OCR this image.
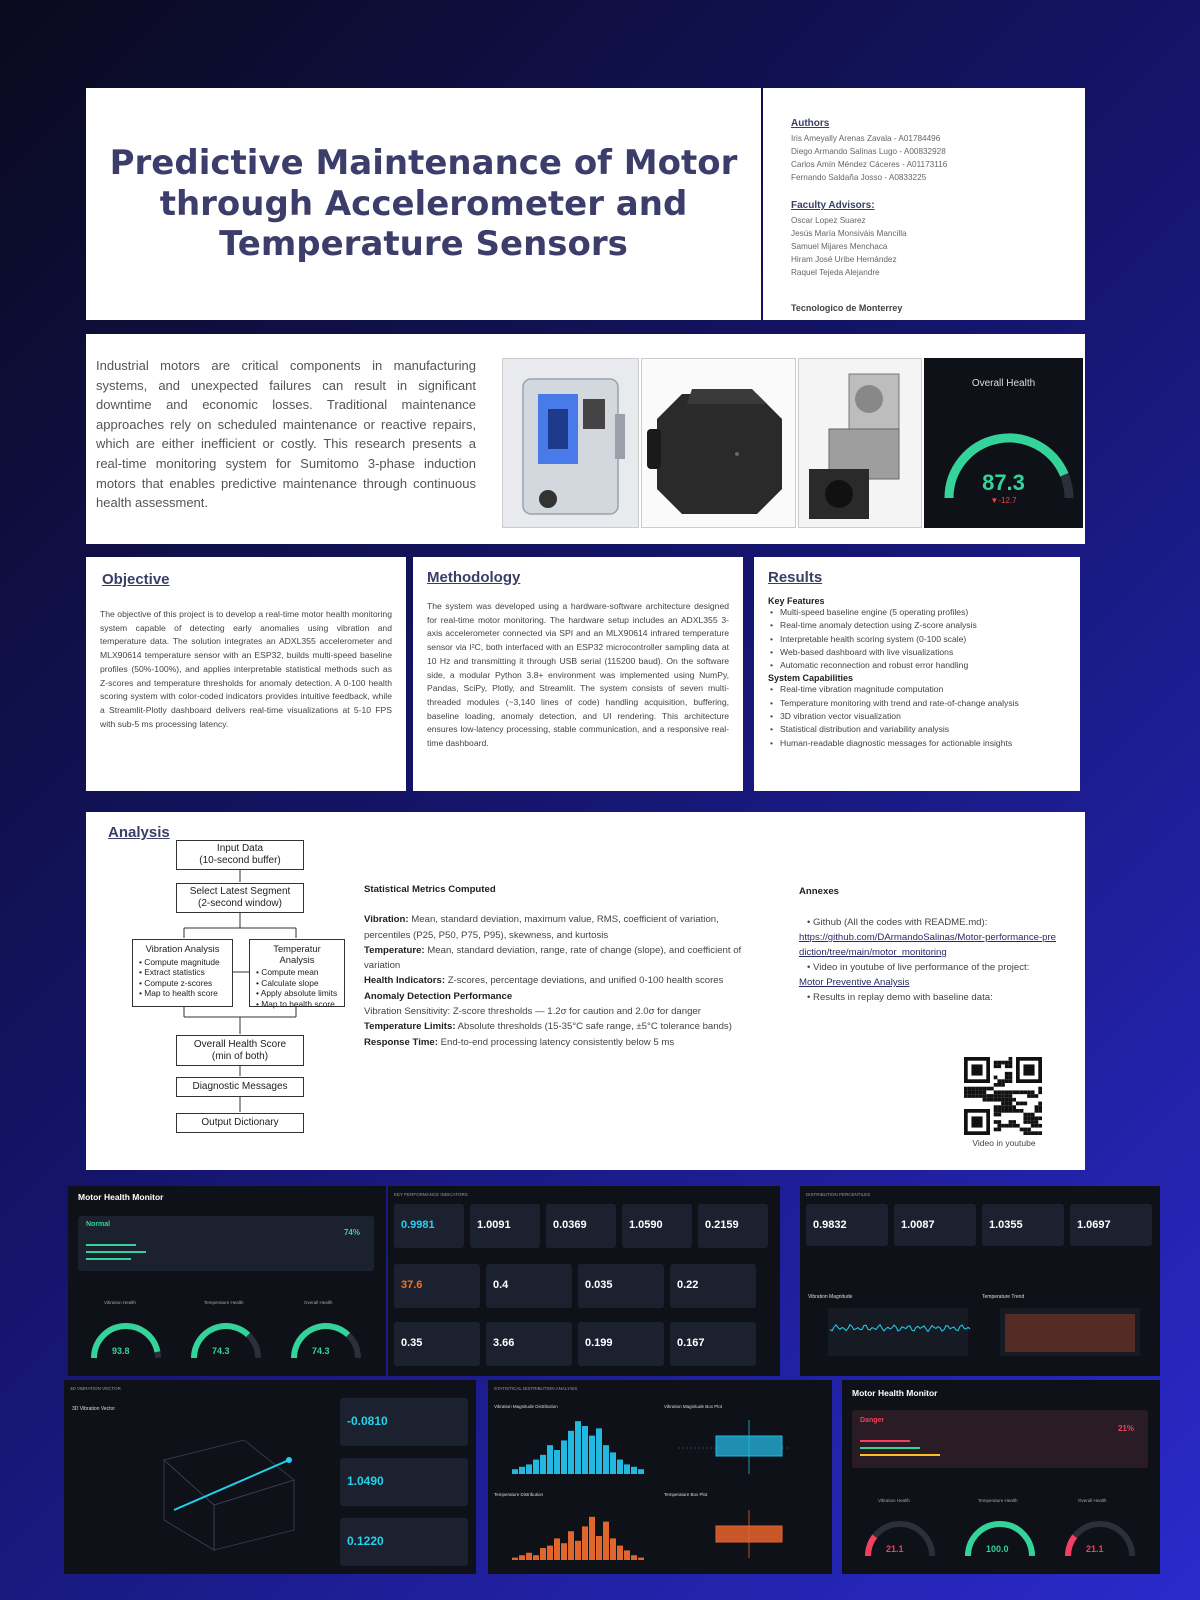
Predictive Maintenance of Motor through Accelerometer and Temperature Sensors
Authors
Iris Ameyally Arenas Zavala - A01784496
Diego Armando Salinas Lugo - A00832928
Carlos Amín Méndez Cáceres - A01173116
Fernando Saldaña Josso - A0833225
Faculty Advisors:
Oscar Lopez Suarez
Jesús María Monsiváis Mancilla
Samuel Mijares Menchaca
Hiram José Uribe Hernández
Raquel Tejeda Alejandre
Tecnologico de Monterrey

Industrial motors are critical components in manufacturing systems, and unexpected failures can result in significant downtime and economic losses. Traditional maintenance approaches rely on scheduled maintenance or reactive repairs, which are either inefficient or costly. This research presents a real-time monitoring system for Sumitomo 3-phase induction motors that enables predictive maintenance through continuous health assessment.

Overall Health
87.3
▼-12.7
Objective

The objective of this project is to develop a real-time motor health monitoring system capable of detecting early anomalies using vibration and temperature data. The solution integrates an ADXL355 accelerometer and MLX90614 temperature sensor with an ESP32, builds multi-speed baseline profiles (50%-100%), and applies interpretable statistical methods such as Z-scores and temperature thresholds for anomaly detection. A 0-100 health scoring system with color-coded indicators provides intuitive feedback, while a Streamlit-Plotly dashboard delivers real-time visualizations at 5-10 FPS with sub-5 ms processing latency.

Methodology

The system was developed using a hardware-software architecture designed for real-time motor monitoring. The hardware setup includes an ADXL355 3-axis accelerometer connected via SPI and an MLX90614 infrared temperature sensor via I²C, both interfaced with an ESP32 microcontroller sampling data at 10 Hz and transmitting it through USB serial (115200 baud). On the software side, a modular Python 3.8+ environment was implemented using NumPy, Pandas, SciPy, Plotly, and Streamlit. The system consists of seven multi-threaded modules (~3,140 lines of code) handling acquisition, buffering, baseline loading, anomaly detection, and UI rendering. This architecture ensures low-latency processing, stable communication, and a responsive real-time dashboard.

Results
Key Features
• Multi-speed baseline engine (5 operating profiles)
• Real-time anomaly detection using Z-score analysis
• Interpretable health scoring system (0-100 scale)
• Web-based dashboard with live visualizations
• Automatic reconnection and robust error handling
System Capabilities
• Real-time vibration magnitude computation
• Temperature monitoring with trend and rate-of-change analysis
• 3D vibration vector visualization
• Statistical distribution and variability analysis
• Human-readable diagnostic messages for actionable insights
Analysis
Input Data
(10-second buffer)
Select Latest Segment
(2-second window)
Vibration Analysis
• Compute magnitude
• Extract statistics
• Compute z-scores
• Map to health score
Temperatur Analysis
• Compute mean
• Calculate slope
• Apply absolute limits
• Map to health score
Overall Health Score
(min of both)
Diagnostic Messages
Output Dictionary
Statistical Metrics Computed
Vibration: Mean, standard deviation, maximum value, RMS, coefficient of variation, percentiles (P25, P50, P75, P95), skewness, and kurtosis
Temperature: Mean, standard deviation, range, rate of change (slope), and coefficient of variation
Health Indicators: Z-scores, percentage deviations, and unified 0-100 health scores
Anomaly Detection Performance
Vibration Sensitivity: Z-score thresholds — 1.2σ for caution and 2.0σ for danger
Temperature Limits: Absolute thresholds (15-35°C safe range, ±5°C tolerance bands)
Response Time: End-to-end processing latency consistently below 5 ms
Annexes
• Github (All the codes with README.md):
https://github.com/DArmandoSalinas/Motor-performance-prediction/tree/main/motor_monitoring
• Video in youtube of live performance of the project:
Motor Preventive Analysis
• Results in replay demo with baseline data:
Video in youtube
Motor Health Monitor
Normal
74%
Vibration Health
93.8
Temperature Health
74.3
Overall Health
74.3
KEY PERFORMANCE INDICATORS
0.9981	1.0091	0.0369	1.0590	0.2159
37.6	0.4	0.035	0.22
0.35	3.66	0.199	0.167
DISTRIBUTION PERCENTILES
0.9832	1.0087	1.0355	1.0697
Vibration Magnitude	Temperature Trend
3D VIBRATION VECTOR
3D Vibration Vector
-0.0810
1.0490
0.1220
STATISTICAL DISTRIBUTION ANALYSIS
Vibration Magnitude Distribution	Vibration Magnitude Box Plot
Temperature Distribution	Temperature Box Plot
Motor Health Monitor
Danger
21%
Vibration Health
21.1
Temperature Health
100.0
Overall Health
21.1
